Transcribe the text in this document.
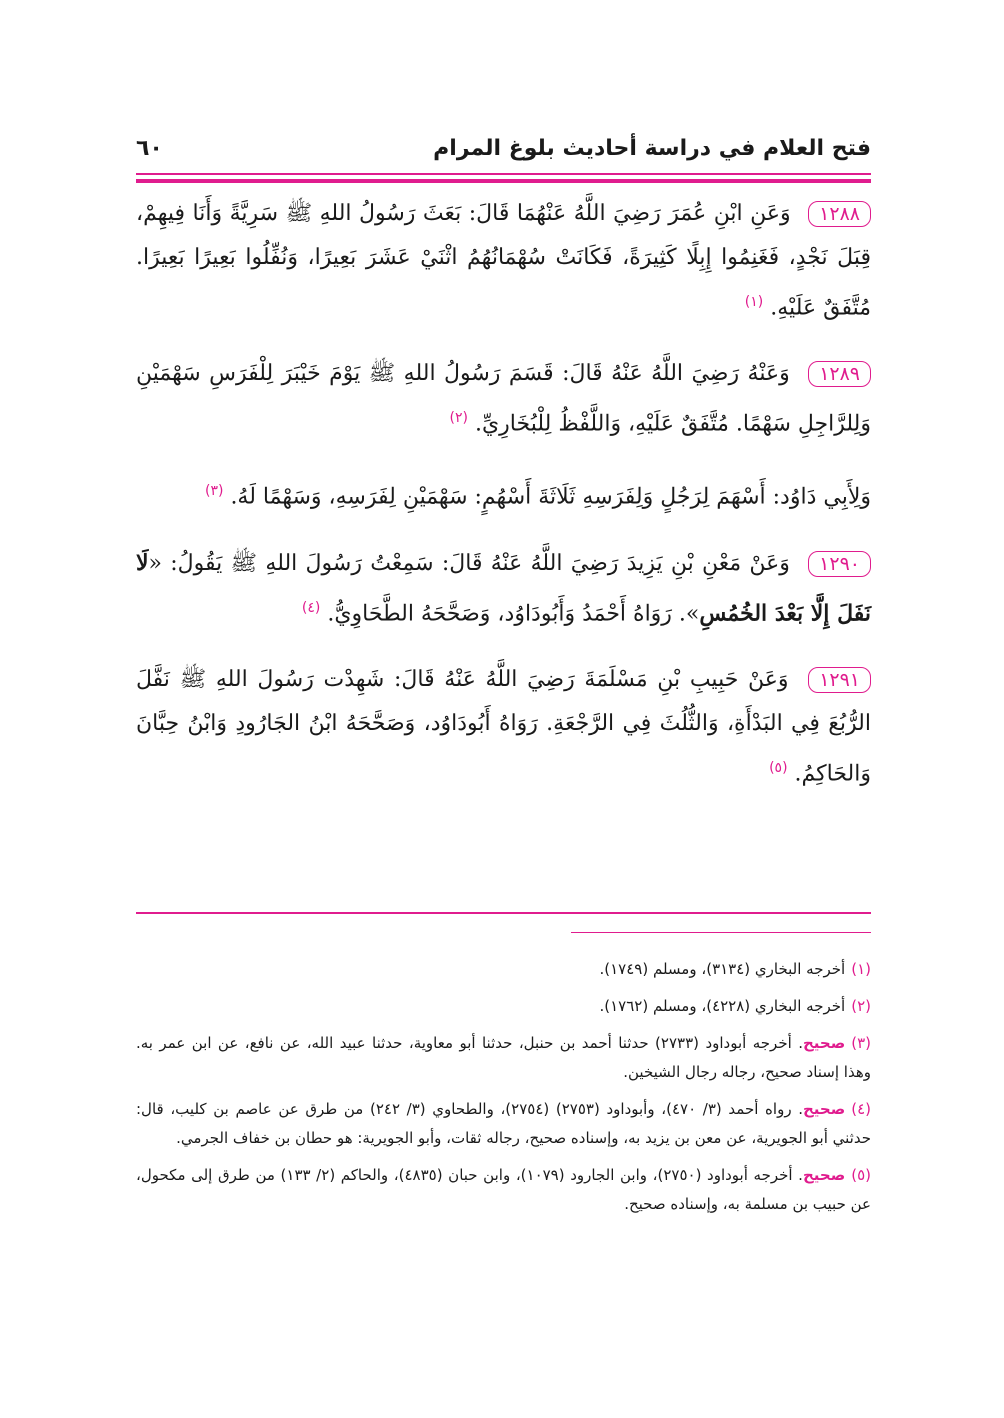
فتح العلام في دراسة أحاديث بلوغ المرام
٦٠

١٢٨٨ وَعَنِ ابْنِ عُمَرَ رَضِيَ اللَّهُ عَنْهُمَا قَالَ: بَعَثَ رَسُولُ اللهِ ﷺ سَرِيَّةً وَأَنَا فِيهِمْ، قِبَلَ نَجْدٍ، فَغَنِمُوا إِبِلًا كَثِيرَةً، فَكَانَتْ سُهْمَانُهُمُ اثْنَيْ عَشَرَ بَعِيرًا، وَنُفِّلُوا بَعِيرًا بَعِيرًا. مُتَّفَقٌ عَلَيْهِ. $^{(١)}$

١٢٨٩ وَعَنْهُ رَضِيَ اللَّهُ عَنْهُ قَالَ: قَسَمَ رَسُولُ اللهِ ﷺ يَوْمَ خَيْبَرَ لِلْفَرَسِ سَهْمَيْنِ وَلِلرَّاجِلِ سَهْمًا. مُتَّفَقٌ عَلَيْهِ، وَاللَّفْظُ لِلْبُخَارِيِّ. $^{(٢)}$

وَلِأَبِي دَاوُد: أَسْهَمَ لِرَجُلٍ وَلِفَرَسِهِ ثَلَاثَةَ أَسْهُمٍ: سَهْمَيْنِ لِفَرَسِهِ، وَسَهْمًا لَهُ. $^{(٣)}$

١٢٩٠ وَعَنْ مَعْنِ بْنِ يَزِيدَ رَضِيَ اللَّهُ عَنْهُ قَالَ: سَمِعْتُ رَسُولَ اللهِ ﷺ يَقُولُ: «لَا نَفَلَ إِلَّا بَعْدَ الخُمُسِ». رَوَاهُ أَحْمَدُ وَأَبُودَاوُد، وَصَحَّحَهُ الطَّحَاوِيُّ. $^{(٤)}$

١٢٩١ وَعَنْ حَبِيبِ بْنِ مَسْلَمَةَ رَضِيَ اللَّهُ عَنْهُ قَالَ: شَهِدْت رَسُولَ اللهِ ﷺ نَفَّلَ الرُّبُعَ فِي البَدْأَةِ، وَالثُّلُثَ فِي الرَّجْعَةِ. رَوَاهُ أَبُودَاوُد، وَصَحَّحَهُ ابْنُ الجَارُودِ وَابْنُ حِبَّانَ وَالحَاكِمُ. $^{(٥)}$

(١)أخرجه البخاري (٣١٣٤)، ومسلم (١٧٤٩).

(٢)أخرجه البخاري (٤٢٢٨)، ومسلم (١٧٦٢).

(٣)صحيح. أخرجه أبوداود (٢٧٣٣) حدثنا أحمد بن حنبل، حدثنا أبو معاوية، حدثنا عبيد الله، عن نافع، عن ابن عمر به. وهذا إسناد صحيح، رجاله رجال الشيخين.

(٤)صحيح. رواه أحمد (٣/ ٤٧٠)، وأبوداود (٢٧٥٣) (٢٧٥٤)، والطحاوي (٣/ ٢٤٢) من طرق عن عاصم بن كليب، قال: حدثني أبو الجويرية، عن معن بن يزيد به، وإسناده صحيح، رجاله ثقات، وأبو الجويرية: هو حطان بن خفاف الجرمي.

(٥)صحيح. أخرجه أبوداود (٢٧٥٠)، وابن الجارود (١٠٧٩)، وابن حبان (٤٨٣٥)، والحاكم (٢/ ١٣٣) من طرق إلى مكحول، عن حبيب بن مسلمة به، وإسناده صحيح.
